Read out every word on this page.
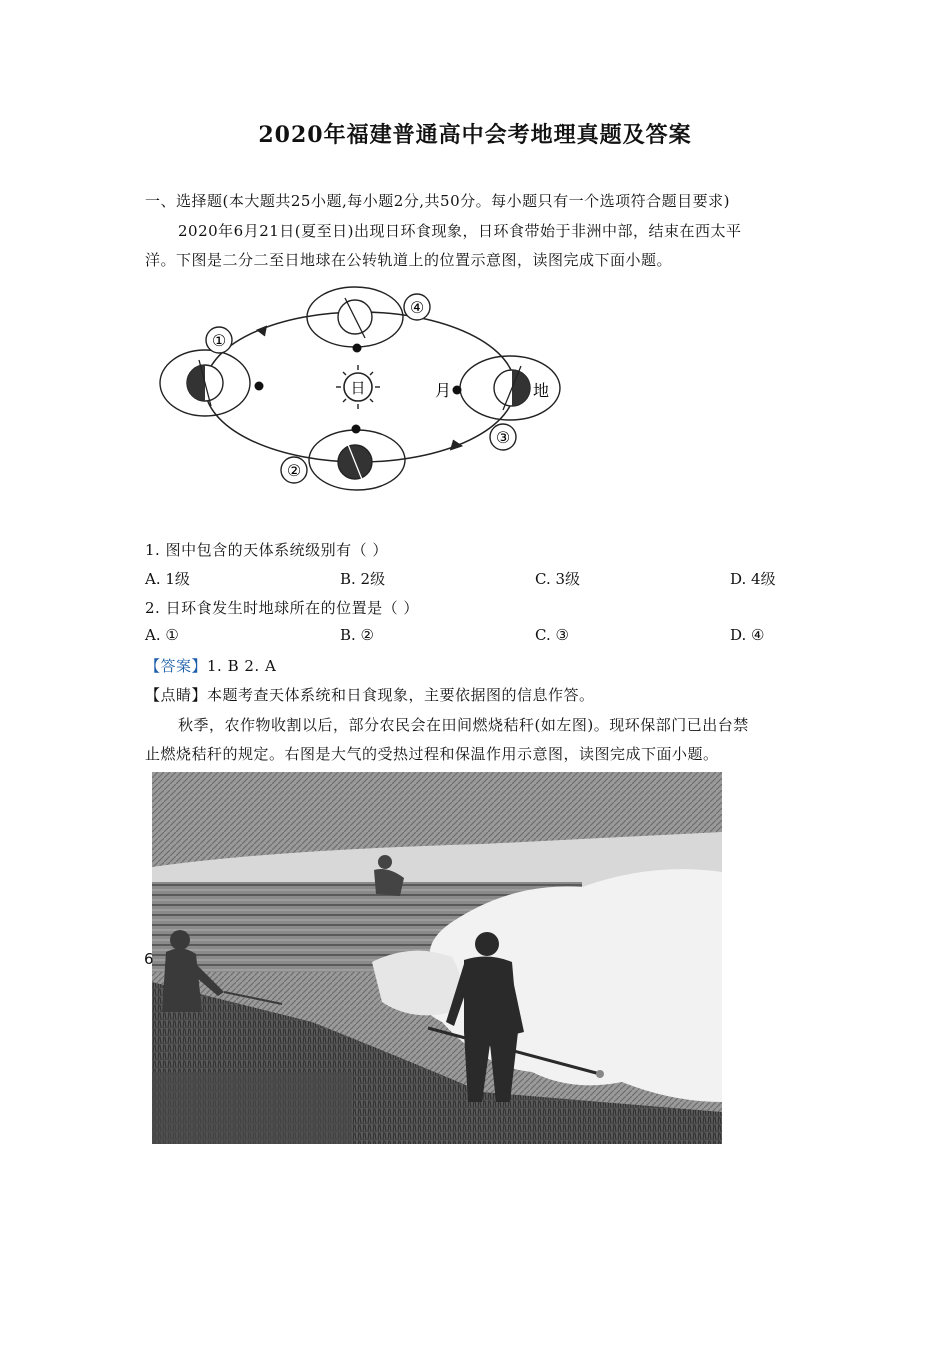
2020年福建普通高中会考地理真题及答案
一、选择题(本大题共25小题,每小题2分,共50分。每小题只有一个选项符合题目要求)
2020年6月21日(夏至日)出现日环食现象，日环食带始于非洲中部，结束在西太平
洋。下图是二分二至日地球在公转轨道上的位置示意图，读图完成下面小题。
①
④
日	月	地
③
②
1. 图中包含的天体系统级别有（ ）
A. 1级	B. 2级	C. 3级	D. 4级
2. 日环食发生时地球所在的位置是（ ）
A. ①	B. ②	C. ③	D. ④
【答案】1. B 2. A
【点睛】本题考查天体系统和日食现象，主要依据图的信息作答。
秋季，农作物收割以后，部分农民会在田间燃烧秸秆(如左图)。现环保部门已出台禁
止燃烧秸秆的规定。右图是大气的受热过程和保温作用示意图，读图完成下面小题。
6
